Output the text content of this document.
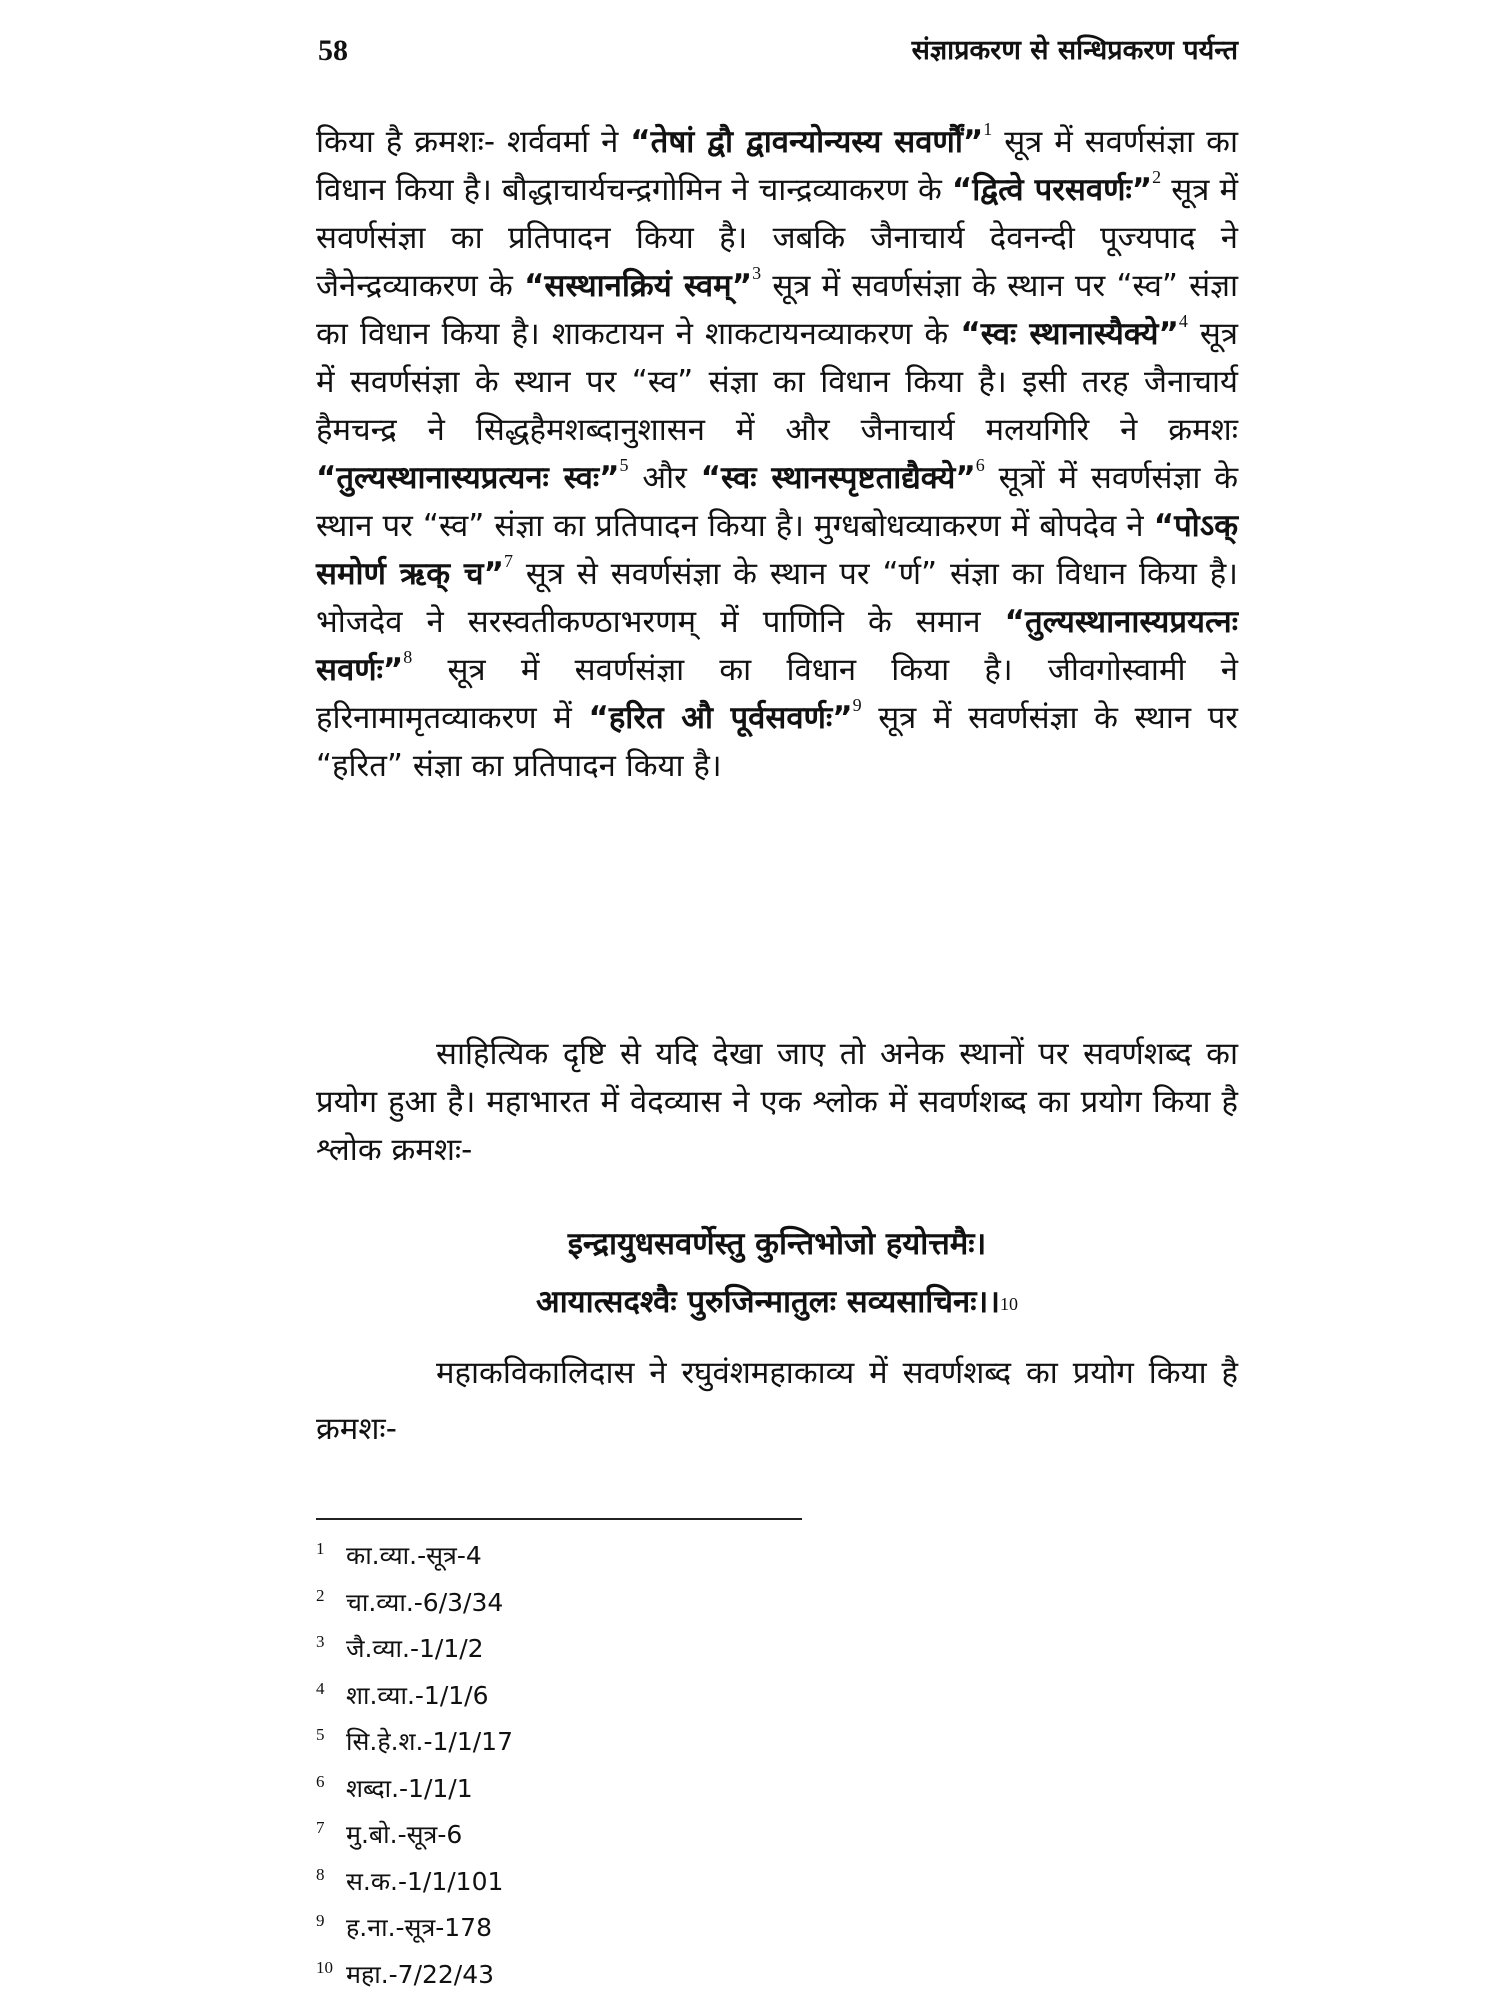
58	संज्ञाप्रकरण से सन्धिप्रकरण पर्यन्त

किया है क्रमशः- शर्ववर्मा ने “तेषां द्वौ द्वावन्योन्यस्य सवर्णौं”$^1$ सूत्र में सवर्णसंज्ञा का विधान किया है। बौद्धाचार्यचन्द्रगोमिन ने चान्द्रव्याकरण के “द्वित्वे परसवर्णः”$^2$ सूत्र में सवर्णसंज्ञा का प्रतिपादन किया है। जबकि जैनाचार्य देवनन्दी पूज्यपाद ने जैनेन्द्रव्याकरण के “सस्थानक्रियं स्वम्”$^3$ सूत्र में सवर्णसंज्ञा के स्थान पर “स्व” संज्ञा का विधान किया है। शाकटायन ने शाकटायनव्याकरण के “स्वः स्थानास्यैक्ये”$^4$ सूत्र में सवर्णसंज्ञा के स्थान पर “स्व” संज्ञा का विधान किया है। इसी तरह जैनाचार्य हैमचन्द्र ने सिद्धहैमशब्दानुशासन में और जैनाचार्य मलयगिरि ने क्रमशः “तुल्यस्थानास्यप्रत्यनः स्वः”$^5$ और “स्वः स्थानस्पृष्टताद्यैक्ये”$^6$ सूत्रों में सवर्णसंज्ञा के स्थान पर “स्व” संज्ञा का प्रतिपादन किया है। मुग्धबोधव्याकरण में बोपदेव ने “पोऽक् समोर्ण ऋक् च”$^7$ सूत्र से सवर्णसंज्ञा के स्थान पर “र्ण” संज्ञा का विधान किया है। भोजदेव ने सरस्वतीकण्ठाभरणम् में पाणिनि के समान “तुल्यस्थानास्यप्रयत्नः सवर्णः”$^8$ सूत्र में सवर्णसंज्ञा का विधान किया है। जीवगोस्वामी ने हरिनामामृतव्याकरण में “हरित औ पूर्वसवर्णः”$^9$ सूत्र में सवर्णसंज्ञा के स्थान पर “हरित” संज्ञा का प्रतिपादन किया है।

साहित्यिक दृष्टि से यदि देखा जाए तो अनेक स्थानों पर सवर्णशब्द का प्रयोग हुआ है। महाभारत में वेदव्यास ने एक श्लोक में सवर्णशब्द का प्रयोग किया है श्लोक क्रमशः-

इन्द्रायुधसवर्णेस्तु कुन्तिभोजो हयोत्तमैः।
आयात्सदश्वैः पुरुजिन्मातुलः सव्यसाचिनः।।$^{10}$

महाकविकालिदास ने रघुवंशमहाकाव्य में सवर्णशब्द का प्रयोग किया है क्रमशः-

1 का.व्या.-सूत्र-4
2 चा.व्या.-6/3/34
3 जै.व्या.-1/1/2
4 शा.व्या.-1/1/6
5 सि.हे.श.-1/1/17
6 शब्दा.-1/1/1
7 मु.बो.-सूत्र-6
8 स.क.-1/1/101
9 ह.ना.-सूत्र-178
10 महा.-7/22/43
